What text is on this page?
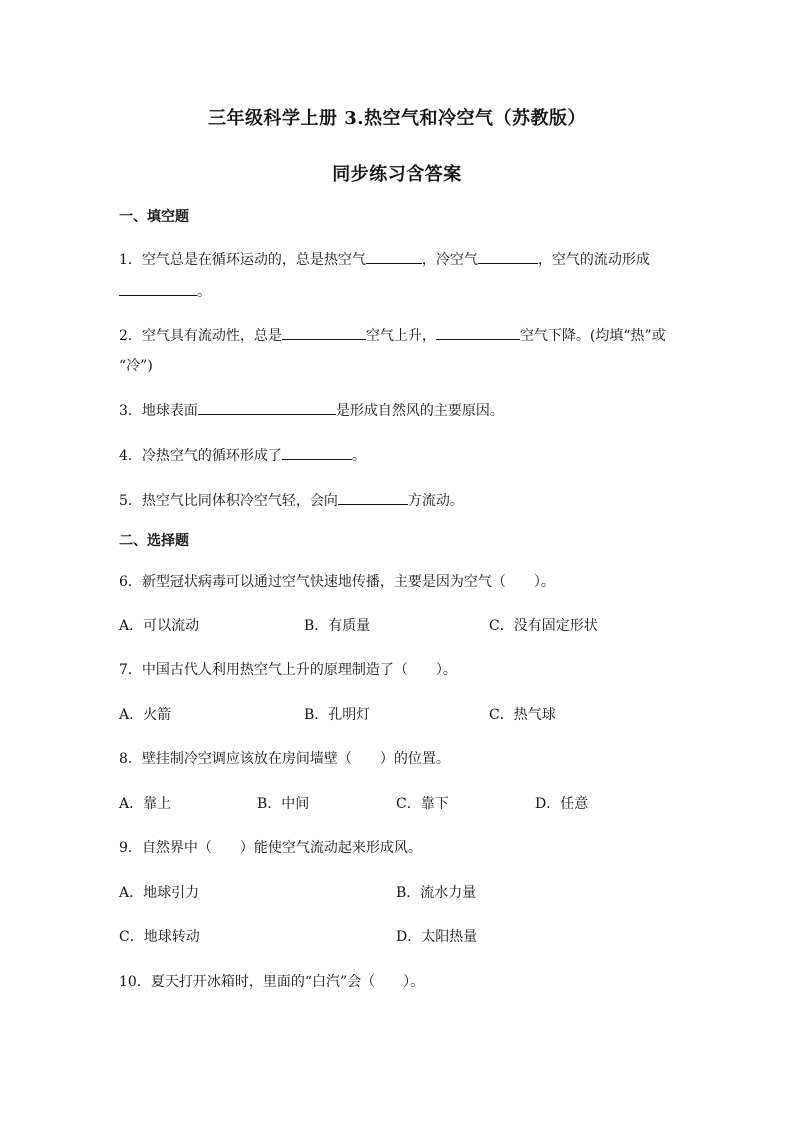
三年级科学上册 3.热空气和冷空气（苏教版）
同步练习含答案
一、填空题
1．空气总是在循环运动的，总是热空气	，冷空气	，空气的流动形成
。
2．空气具有流动性，总是	空气上升，	空气下降。(均填“热”或
“冷”)
3．地球表面	是形成自然风的主要原因。
4．冷热空气的循环形成了	。
5．热空气比同体积冷空气轻，会向	方流动。
二、选择题
6．新型冠状病毒可以通过空气快速地传播，主要是因为空气（　　）。
A．可以流动	B．有质量	C．没有固定形状
7．中国古代人利用热空气上升的原理制造了（　　）。
A．火箭	B．孔明灯	C．热气球
8．壁挂制冷空调应该放在房间墙壁（　　）的位置。
A．靠上	B．中间	C．靠下	D．任意
9．自然界中（　　）能使空气流动起来形成风。
A．地球引力	B．流水力量
C．地球转动	D．太阳热量
10．夏天打开冰箱时，里面的“白汽”会（　　）。
